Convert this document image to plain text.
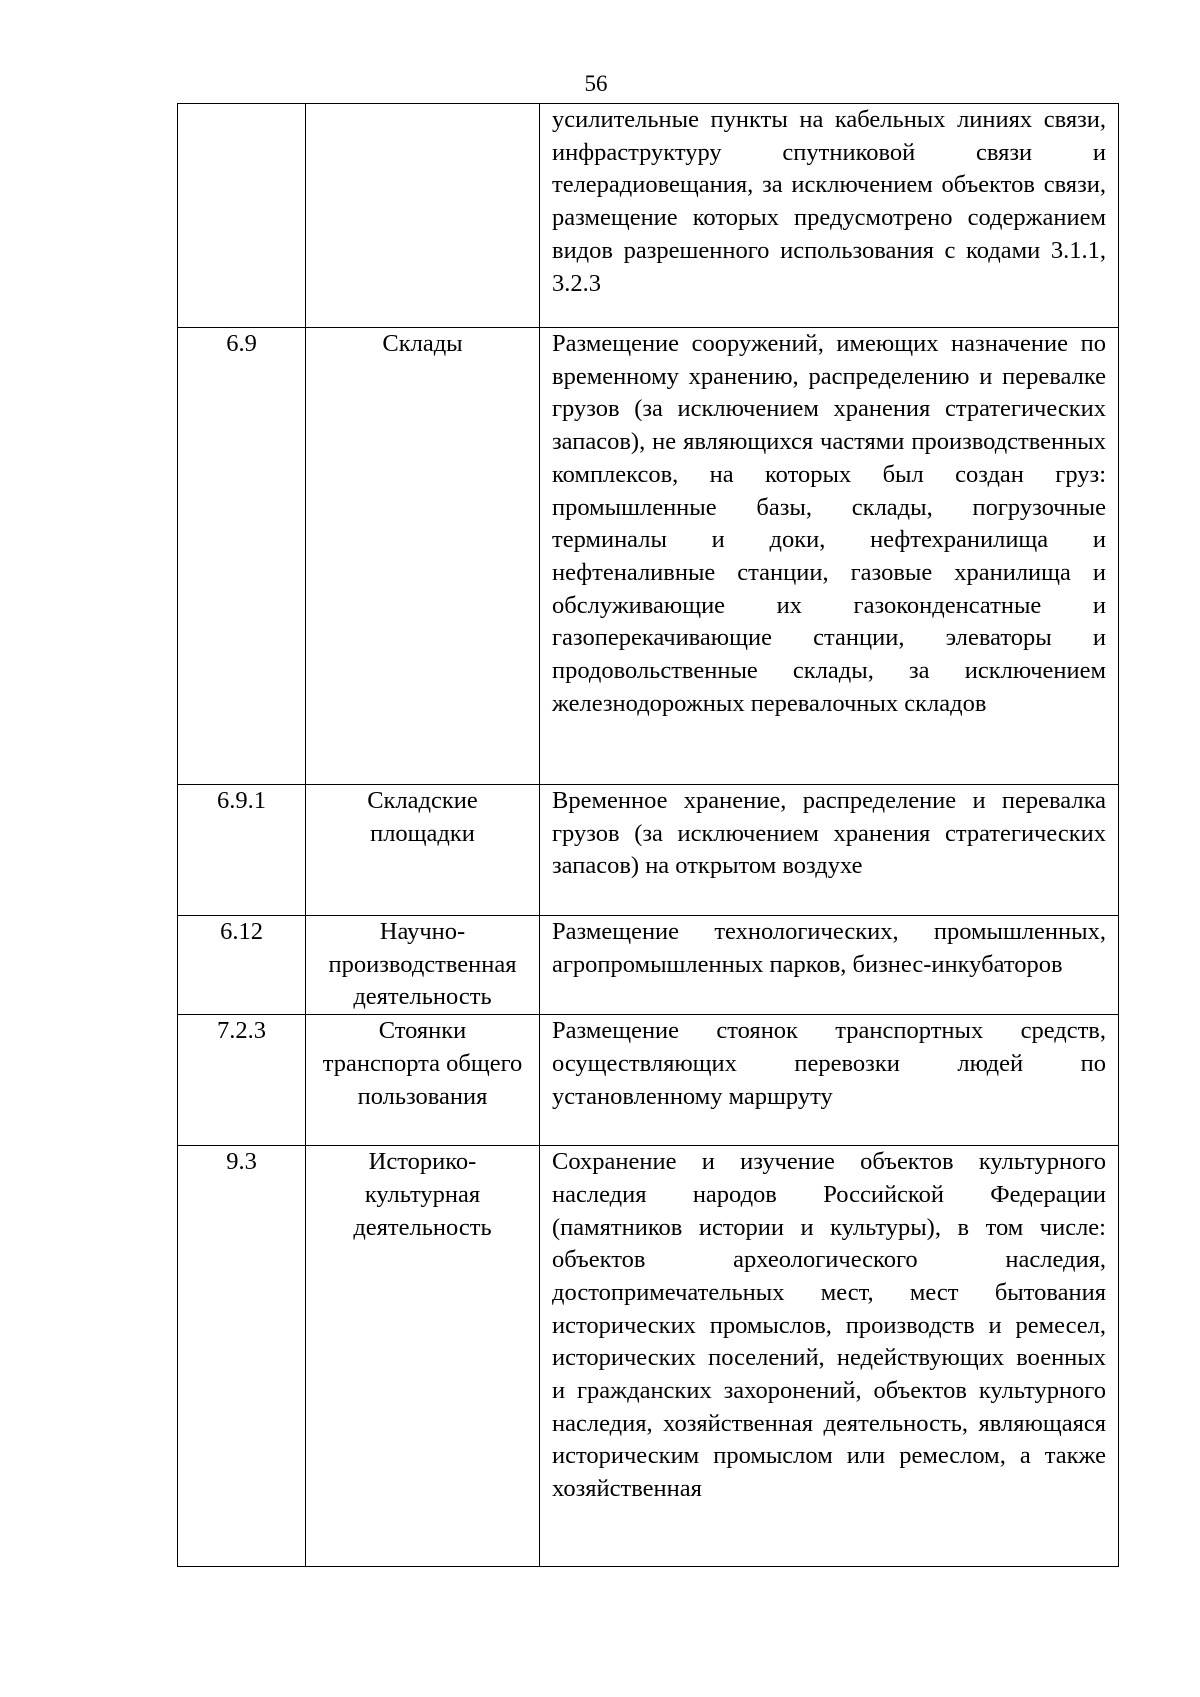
56

		усилительные пункты на кабельных линиях связи, инфраструктуру спутниковой связи и телерадиовещания, за исключением объектов связи, размещение которых предусмотрено содержанием видов разрешенного использования с кодами 3.1.1, 3.2.3

6.9	Склады	Размещение сооружений, имеющих назначение по временному хранению, распределению и перевалке грузов (за исключением хранения стратегических запасов), не являющихся частями производственных комплексов, на которых был создан груз: промышленные базы, склады, погрузочные терминалы и доки, нефтехранилища и нефтеналивные станции, газовые хранилища и обслуживающие их газоконденсатные и газоперекачивающие станции, элеваторы и продовольственные склады, за исключением железнодорожных перевалочных складов

6.9.1	Складские площадки	Временное хранение, распределение и перевалка грузов (за исключением хранения стратегических запасов) на открытом воздухе

6.12	Научно-производственная деятельность	Размещение технологических, промышленных, агропромышленных парков, бизнес-инкубаторов

7.2.3	Стоянки транспорта общего пользования	Размещение стоянок транспортных средств, осуществляющих перевозки людей по установленному маршруту

9.3	Историко-культурная деятельность	Сохранение и изучение объектов культурного наследия народов Российской Федерации (памятников истории и культуры), в том числе: объектов археологического наследия, достопримечательных мест, мест бытования исторических промыслов, производств и ремесел, исторических поселений, недействующих военных и гражданских захоронений, объектов культурного наследия, хозяйственная деятельность, являющаяся историческим промыслом или ремеслом, а также хозяйственная
